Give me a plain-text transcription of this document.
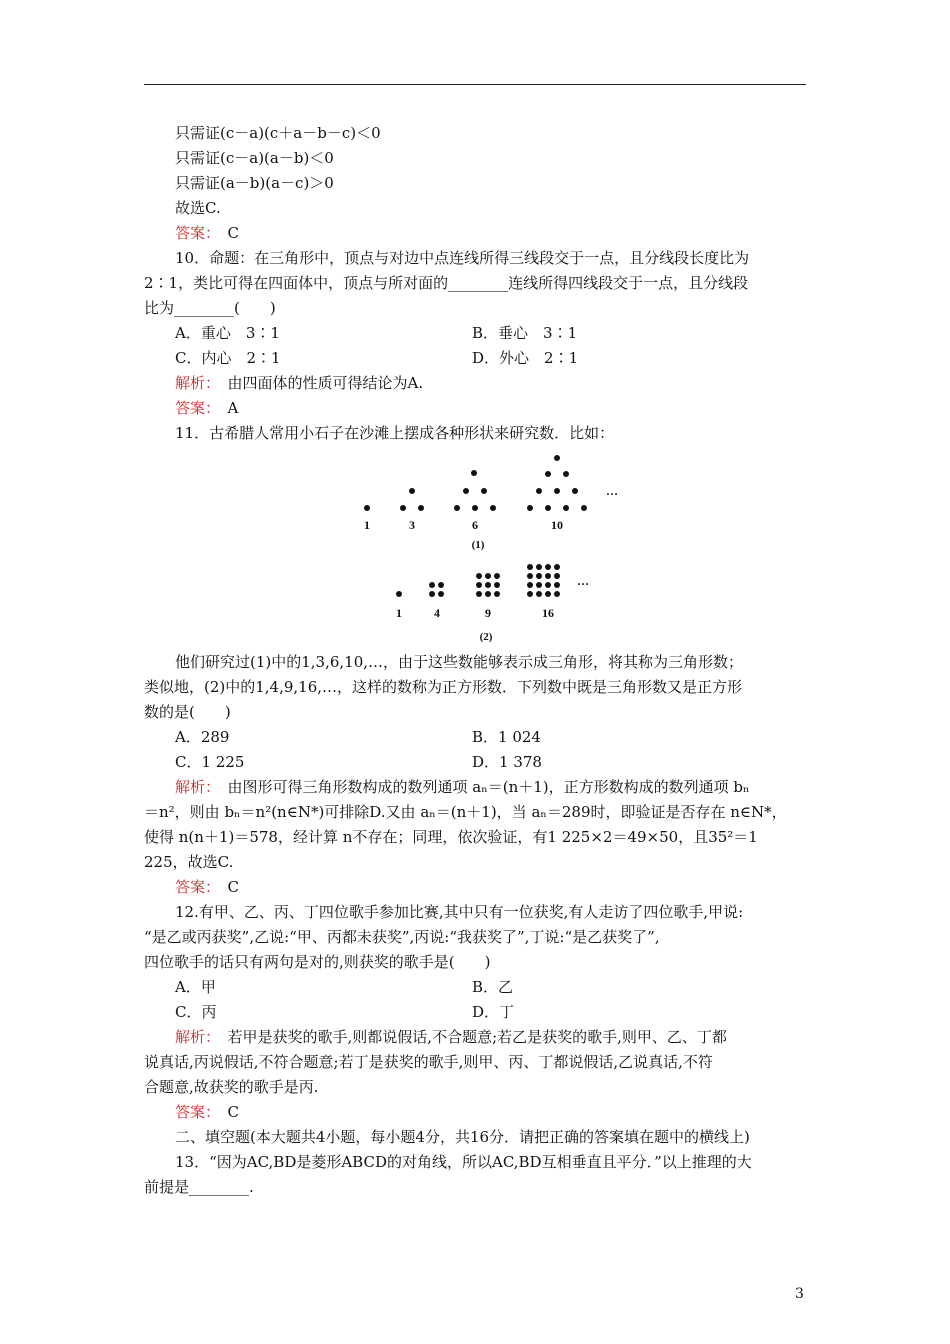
只需证(c－a)(c＋a－b－c)＜0
只需证(c－a)(a－b)＜0
只需证(a－b)(a－c)＞0
故选C.
答案：　 C
10．命题：在三角形中，顶点与对边中点连线所得三线段交于一点，且分线段长度比为
2∶1，类比可得在四面体中，顶点与所对面的________连线所得四线段交于一点，且分线段
比为________(　　)
A．重心　3∶1	B．垂心　3∶1
C．内心　2∶1	D．外心　2∶1
解析：　 由四面体的性质可得结论为A.
答案：　 A
11．古希腊人常用小石子在沙滩上摆成各种形状来研究数．比如：
1	3	6	10
(1)
…
1	4	9	16
(2)
…
他们研究过(1)中的1,3,6,10,…，由于这些数能够表示成三角形，将其称为三角形数；
类似地，(2)中的1,4,9,16,…，这样的数称为正方形数．下列数中既是三角形数又是正方形
数的是(　　)
A．289	B．1 024
C．1 225	D．1 378
解析：　 由图形可得三角形数构成的数列通项 aₙ＝(n＋1)，正方形数构成的数列通项 bₙ
＝n²，则由 bₙ＝n²(n∈N*)可排除D.又由 aₙ＝(n＋1)，当 aₙ＝289时，即验证是否存在 n∈N*，
使得 n(n＋1)＝578，经计算 n不存在；同理，依次验证，有1 225×2＝49×50，且35²＝1
225，故选C.
答案：　 C
12.有甲、乙、丙、丁四位歌手参加比赛,其中只有一位获奖,有人走访了四位歌手,甲说:
“是乙或丙获奖”,乙说:“甲、丙都未获奖”,丙说:“我获奖了”,丁说:“是乙获奖了”,
四位歌手的话只有两句是对的,则获奖的歌手是(　　)
A．甲	B．乙
C．丙	D．丁
解析：　 若甲是获奖的歌手,则都说假话,不合题意;若乙是获奖的歌手,则甲、乙、丁都
说真话,丙说假话,不符合题意;若丁是获奖的歌手,则甲、丙、丁都说假话,乙说真话,不符
合题意,故获奖的歌手是丙.
答案：　 C
二、填空题(本大题共4小题，每小题4分，共16分．请把正确的答案填在题中的横线上)
13．“因为AC,BD是菱形ABCD的对角线，所以AC,BD互相垂直且平分．”以上推理的大
前提是________.
3
